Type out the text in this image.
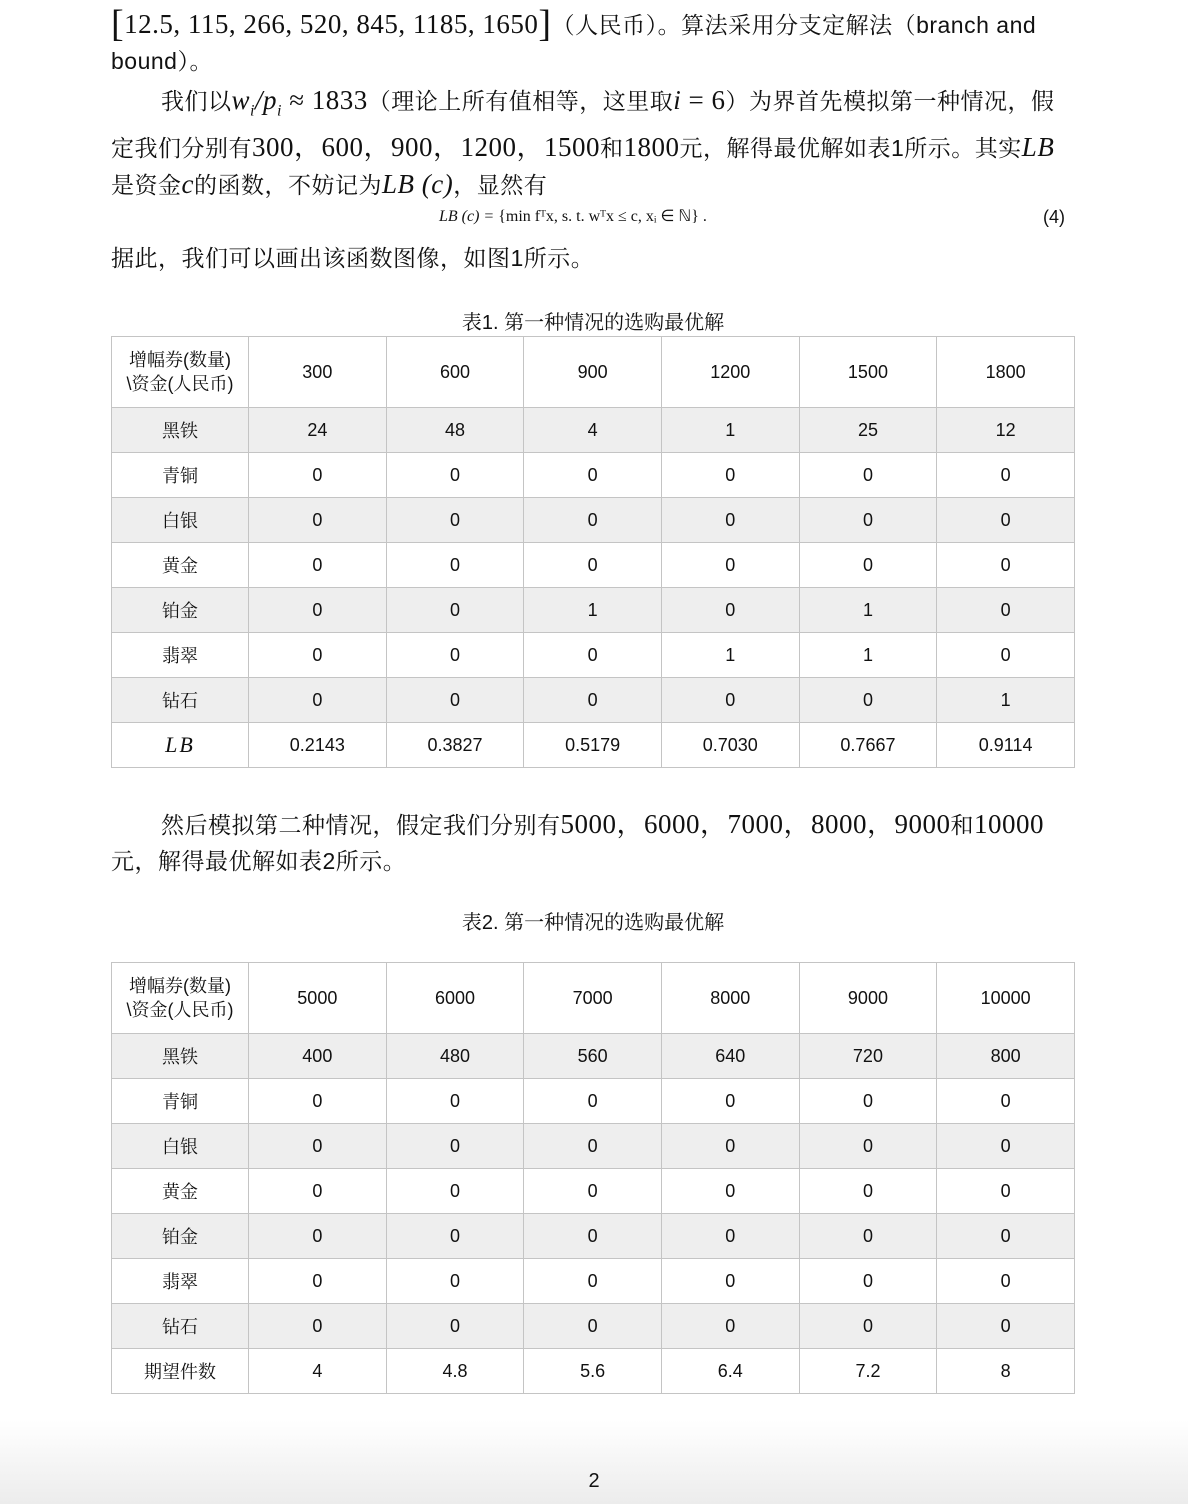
[12.5, 115, 266, 520, 845, 1185, 1650]（人民币）。算法采用分支定解法（branch and bound）。

我们以$w_i/p_i \approx 1833$（理论上所有值相等，这里取i = 6）为界首先模拟第一种情况，假定我们分别有300，600，900，1200，1500和1800元，解得最优解如表1所示。其实LB是资金c的函数，不妨记为LB (c)，显然有

LB (c) = {min fᵀx, s. t. wᵀx ≤ c, xᵢ ∈ ℕ} .	(4)

据此，我们可以画出该函数图像，如图1所示。

表1. 第一种情况的选购最优解
增幅券(数量)
\资金(人民币)	300	600	900	1200	1500	1800
黑铁	24	48	4	1	25	12
青铜	0	0	0	0	0	0
白银	0	0	0	0	0	0
黄金	0	0	0	0	0	0
铂金	0	0	1	0	1	0
翡翠	0	0	0	1	1	0
钻石	0	0	0	0	0	1
LB	0.2143	0.3827	0.5179	0.7030	0.7667	0.9114

然后模拟第二种情况，假定我们分别有5000，6000，7000，8000，9000和10000元，解得最优解如表2所示。

表2. 第一种情况的选购最优解
增幅券(数量)
\资金(人民币)	5000	6000	7000	8000	9000	10000
黑铁	400	480	560	640	720	800
青铜	0	0	0	0	0	0
白银	0	0	0	0	0	0
黄金	0	0	0	0	0	0
铂金	0	0	0	0	0	0
翡翠	0	0	0	0	0	0
钻石	0	0	0	0	0	0
期望件数	4	4.8	5.6	6.4	7.2	8
2
